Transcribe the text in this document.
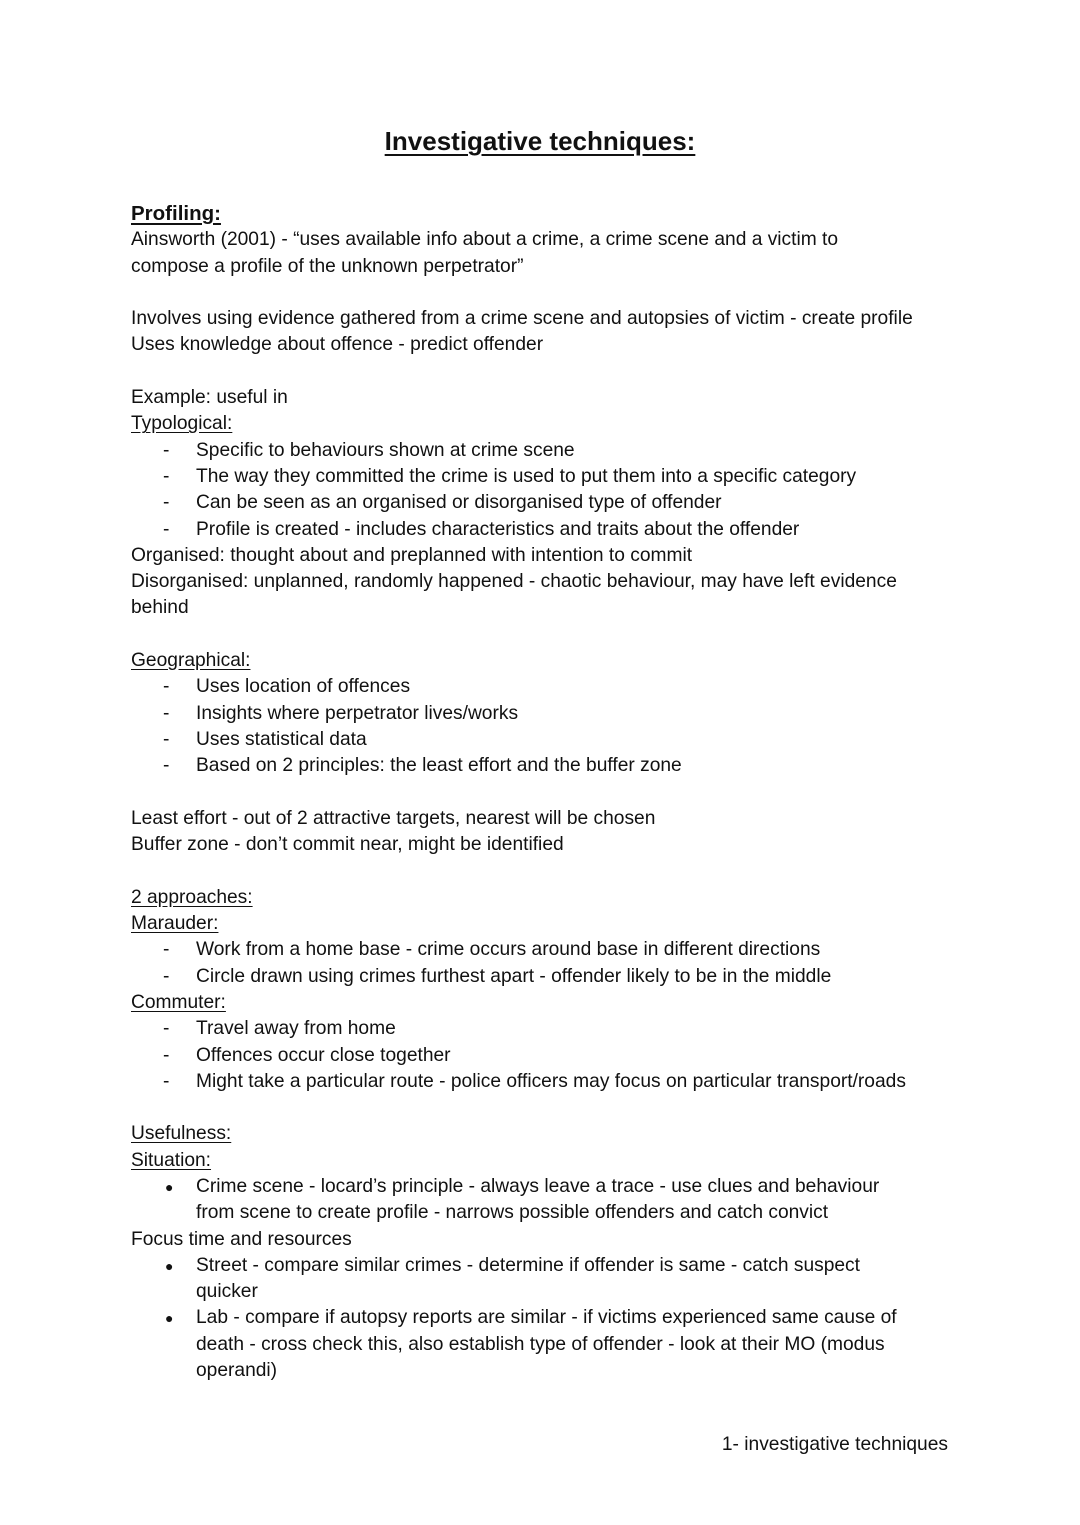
Investigative techniques:

Profiling:

Ainsworth (2001) - “uses available info about a crime, a crime scene and a victim to

compose a profile of the unknown perpetrator”

Involves using evidence gathered from a crime scene and autopsies of victim - create profile

Uses knowledge about offence - predict offender

Example: useful in

Typological:

- Specific to behaviours shown at crime scene
- The way they committed the crime is used to put them into a specific category
- Can be seen as an organised or disorganised type of offender
- Profile is created - includes characteristics and traits about the offender

Organised: thought about and preplanned with intention to commit

Disorganised: unplanned, randomly happened - chaotic behaviour, may have left evidence

behind

Geographical:

- Uses location of offences
- Insights where perpetrator lives/works
- Uses statistical data
- Based on 2 principles: the least effort and the buffer zone

Least effort - out of 2 attractive targets, nearest will be chosen

Buffer zone - don’t commit near, might be identified

2 approaches:

Marauder:

- Work from a home base - crime occurs around base in different directions
- Circle drawn using crimes furthest apart - offender likely to be in the middle

Commuter:

- Travel away from home
- Offences occur close together
- Might take a particular route - police officers may focus on particular transport/roads

Usefulness:

Situation:

● Crime scene - locard’s principle - always leave a trace - use clues and behaviour
from scene to create profile - narrows possible offenders and catch convict

Focus time and resources

● Street - compare similar crimes - determine if offender is same - catch suspect
quicker
● Lab - compare if autopsy reports are similar - if victims experienced same cause of
death - cross check this, also establish type of offender - look at their MO (modus
operandi)
1- investigative techniques
